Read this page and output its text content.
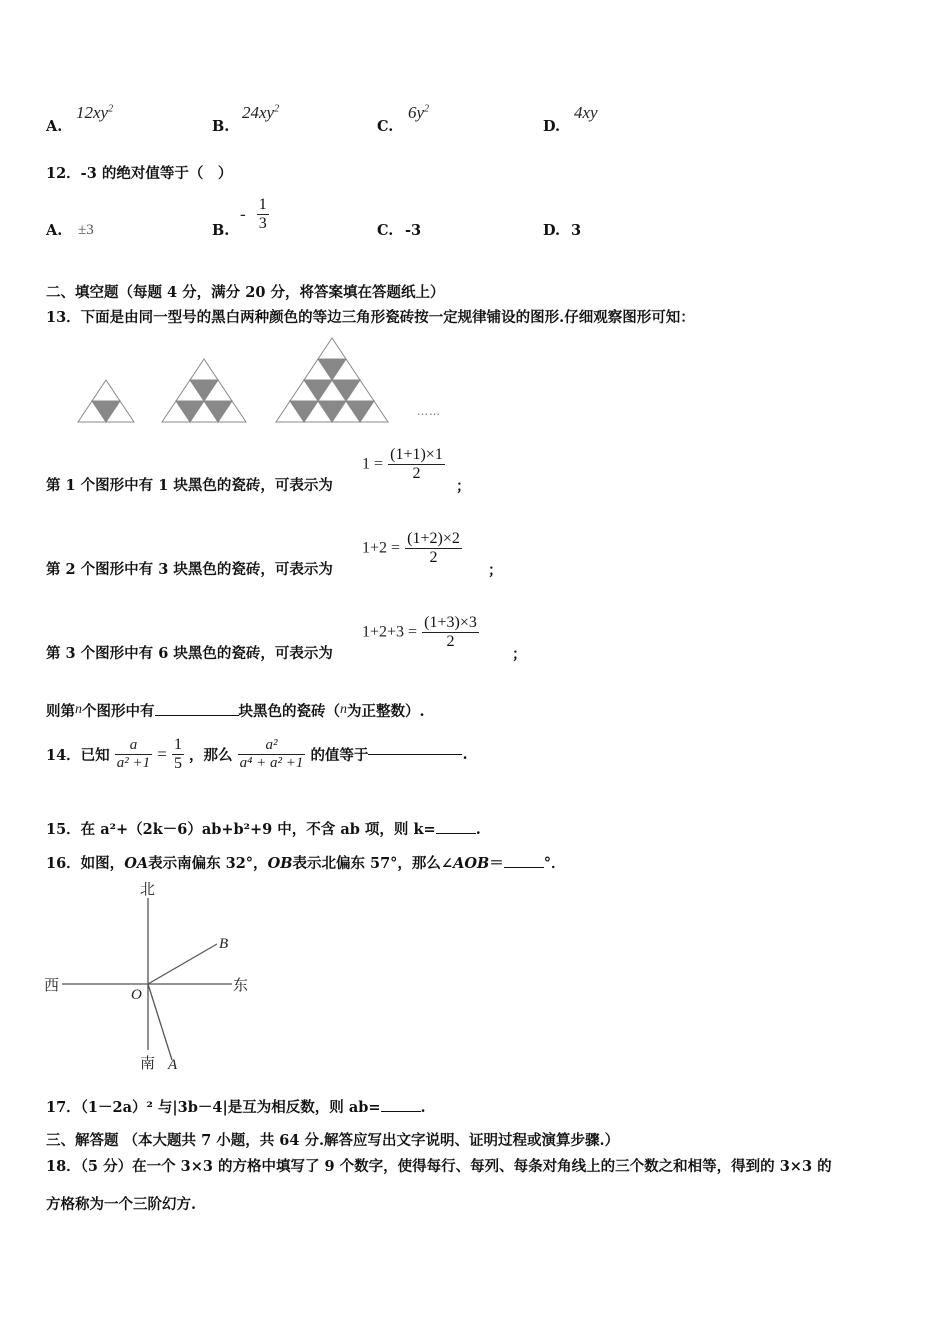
A.
$12xy^2$
B.
$24xy^2$
C.
$6y^2$
D.
4xy
12．-3 的绝对值等于（　）
A. ±3	B.
- $\frac{1}{3}$	C. -3	D. 3
二、填空题（每题 4 分，满分 20 分，将答案填在答题纸上）
13．下面是由同一型号的黑白两种颜色的等边三角形瓷砖按一定规律铺设的图形.仔细观察图形可知：
……
第 1 个图形中有 1 块黑色的瓷砖，可表示为
$1 = \frac{(1+1)\times 1}{2}$
；
第 2 个图形中有 3 块黑色的瓷砖，可表示为
$1+2 = \frac{(1+2)\times 2}{2}$
；
第 3 个图形中有 6 块黑色的瓷砖，可表示为
$1+2+3 = \frac{(1+3)\times 3}{2}$
；
则第n个图形中有	块黑色的瓷砖（n为正整数）.
14．已知 $\frac{a}{\text{a² +1}} = \frac{1}{5}$ ，那么 $\frac{\text{a²}}{\text{a⁴ + a² +1}}$ 的值等于	.
15．在 a²+（2k－6）ab+b²+9 中，不含 ab 项，则 k=	.
16．如图，OA表示南偏东 32°，OB表示北偏东 57°，那么∠AOB＝	°．
北
南
西	东
O
A
B
17．（1－2a）² 与|3b－4|是互为相反数，则 ab=	.
三、解答题 （本大题共 7 小题，共 64 分.解答应写出文字说明、证明过程或演算步骤.）
18．（5 分）在一个 3×3 的方格中填写了 9 个数字，使得每行、每列、每条对角线上的三个数之和相等，得到的 3×3 的
方格称为一个三阶幻方.
